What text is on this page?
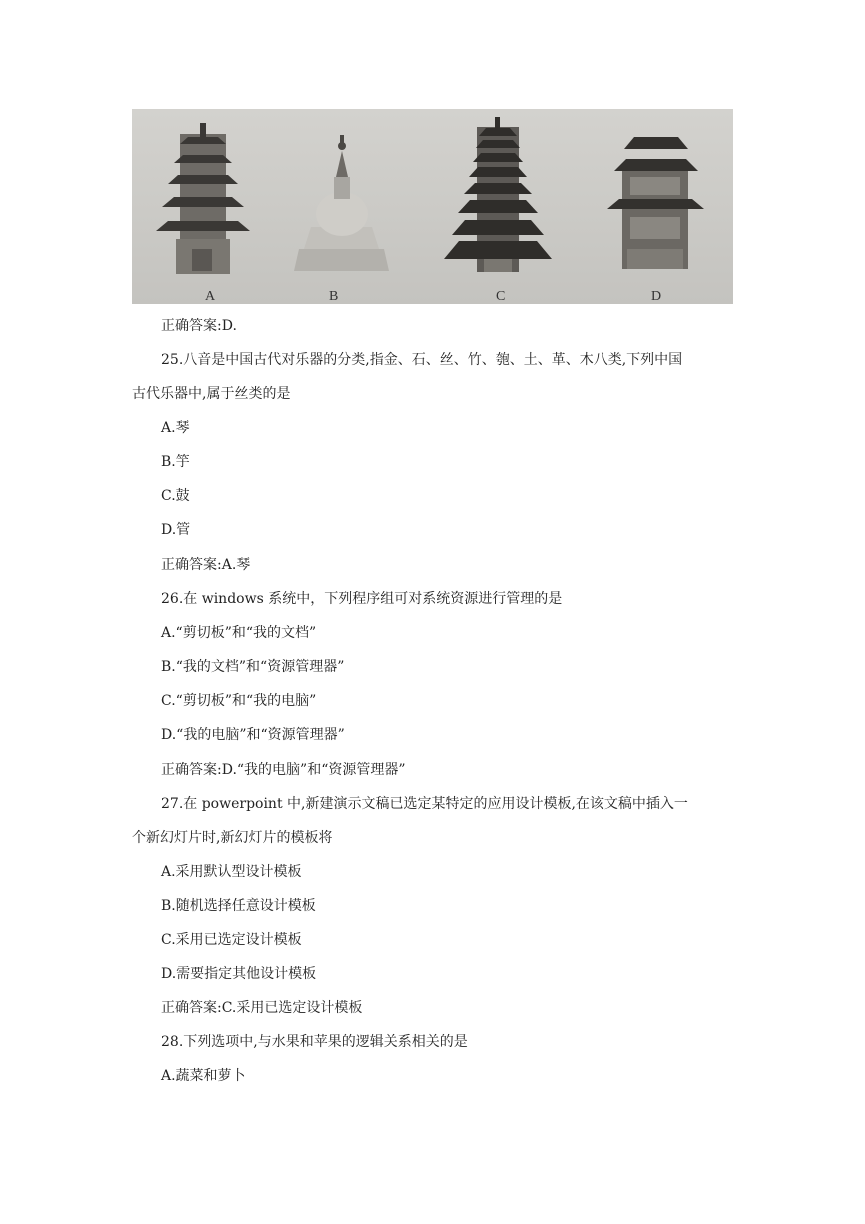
A	B	C	D
正确答案:D.
25.八音是中国古代对乐器的分类,指金、石、丝、竹、匏、土、革、木八类,下列中国
古代乐器中,属于丝类的是
A.琴
B.竽
C.鼓
D.管
正确答案:A.琴
26.在 windows 系统中，下列程序组可对系统资源进行管理的是
A.“剪切板”和“我的文档”
B.“我的文档”和“资源管理器”
C.“剪切板”和“我的电脑”
D.“我的电脑”和“资源管理器”
正确答案:D.“我的电脑”和“资源管理器”
27.在 powerpoint 中,新建演示文稿已选定某特定的应用设计模板,在该文稿中插入一
个新幻灯片时,新幻灯片的模板将
A.采用默认型设计模板
B.随机选择任意设计模板
C.采用已选定设计模板
D.需要指定其他设计模板
正确答案:C.采用已选定设计模板
28.下列选项中,与水果和苹果的逻辑关系相关的是
A.蔬菜和萝卜
